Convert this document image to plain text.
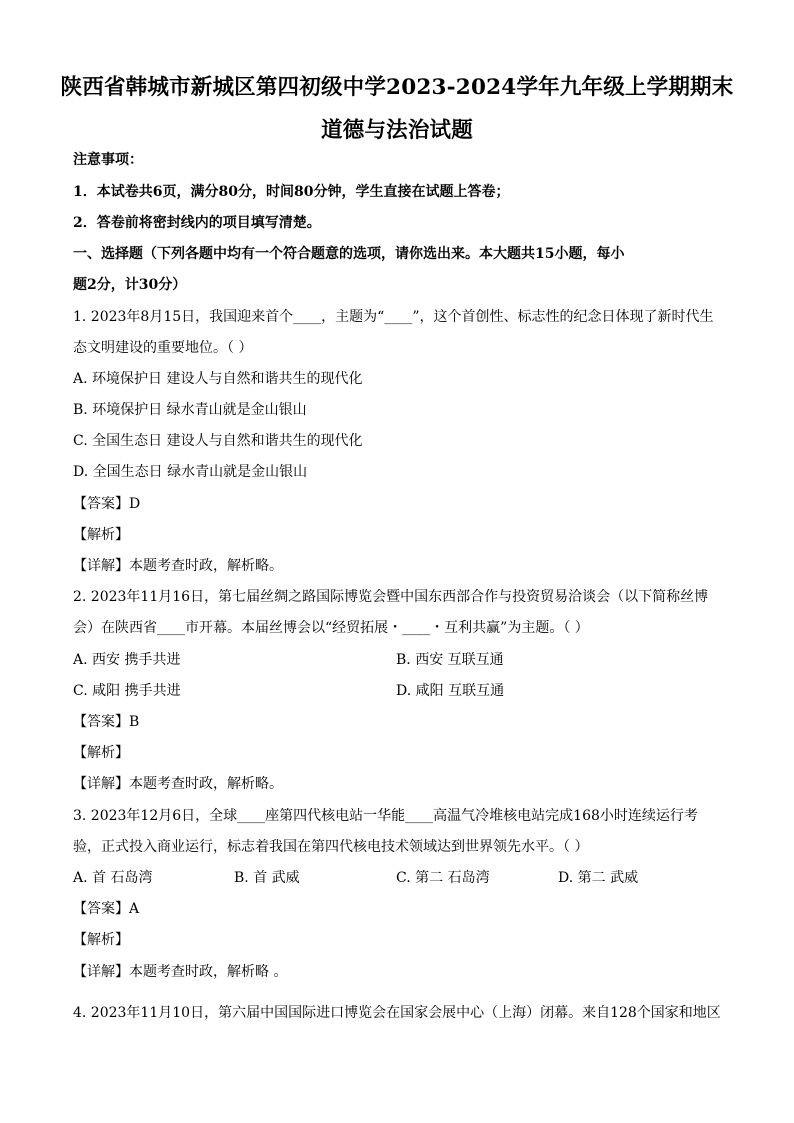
陕西省韩城市新城区第四初级中学2023-2024学年九年级上学期期末
道德与法治试题
注意事项：
1．本试卷共6页，满分80分，时间80分钟，学生直接在试题上答卷；
2．答卷前将密封线内的项目填写清楚。
一、选择题（下列各题中均有一个符合题意的选项，请你选出来。本大题共15小题，每小
题2分，计30分）
1. 2023年8月15日，我国迎来首个____，主题为“____”，这个首创性、标志性的纪念日体现了新时代生
态文明建设的重要地位。（ ）
A. 环境保护日 建设人与自然和谐共生的现代化
B. 环境保护日 绿水青山就是金山银山
C. 全国生态日 建设人与自然和谐共生的现代化
D. 全国生态日 绿水青山就是金山银山
【答案】D
【解析】
【详解】本题考查时政，解析略。
2. 2023年11月16日，第七届丝绸之路国际博览会暨中国东西部合作与投资贸易洽谈会（以下简称丝博
会）在陕西省____市开幕。本届丝博会以“经贸拓展・____・互利共赢”为主题。（ ）
A. 西安 携手共进	B. 西安 互联互通
C. 咸阳 携手共进	D. 咸阳 互联互通
【答案】B
【解析】
【详解】本题考查时政，解析略。
3. 2023年12月6日，全球____座第四代核电站一华能____高温气冷堆核电站完成168小时连续运行考
验，正式投入商业运行，标志着我国在第四代核电技术领域达到世界领先水平。（ ）
A. 首 石岛湾	B. 首 武威	C. 第二 石岛湾	D. 第二 武威
【答案】A
【解析】
【详解】本题考查时政，解析略 。
4. 2023年11月10日，第六届中国国际进口博览会在国家会展中心（上海）闭幕。来自128个国家和地区
